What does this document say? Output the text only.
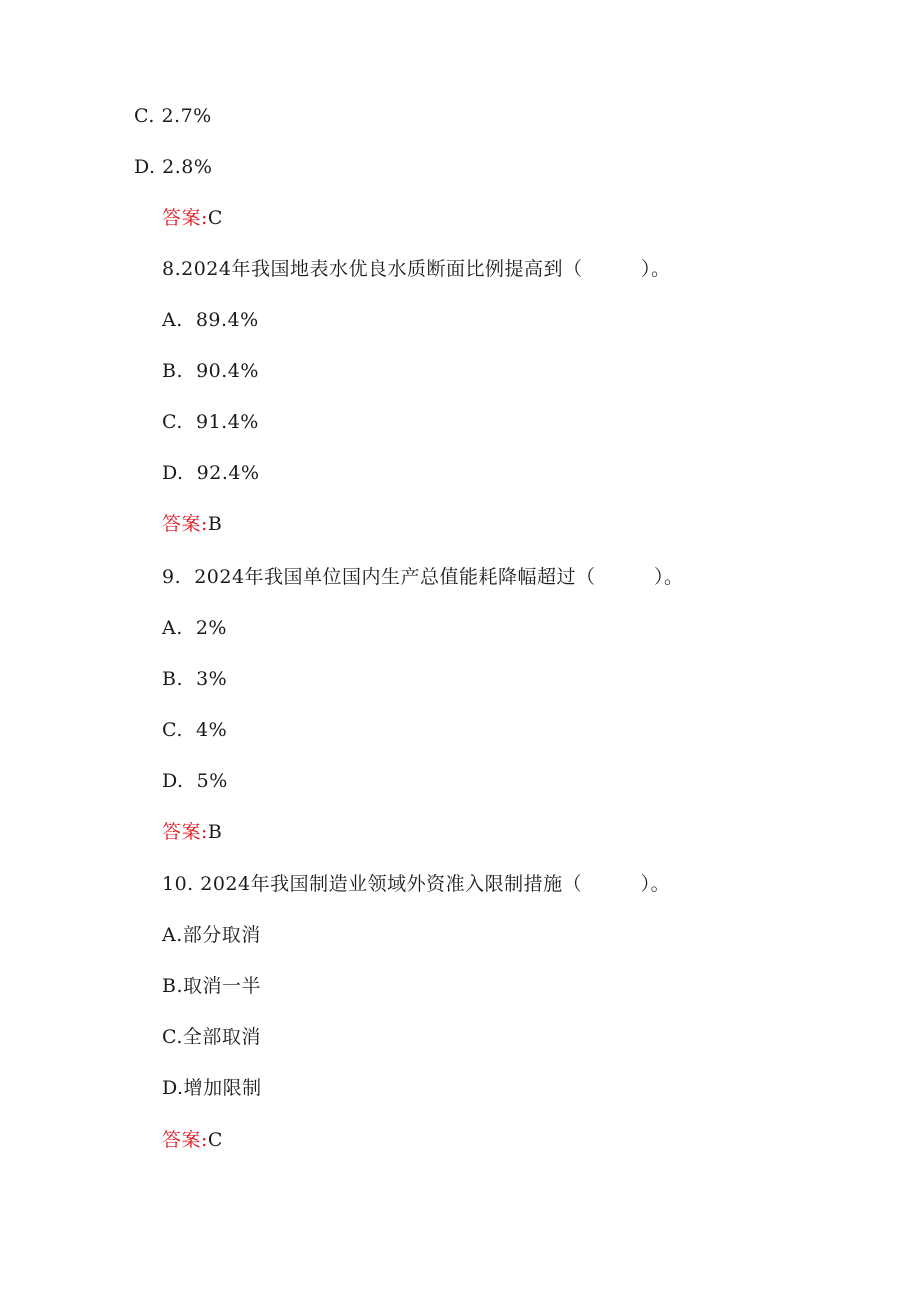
C. 2.7%
D. 2.8%
答案:C
8.2024年我国地表水优良水质断面比例提高到（　　　）。
A.  89.4%
B.  90.4%
C.  91.4%
D.  92.4%
答案:B
9.  2024年我国单位国内生产总值能耗降幅超过（　　　）。
A.  2%
B.  3%
C.  4%
D.  5%
答案:B
10. 2024年我国制造业领域外资准入限制措施（　　　）。
A.部分取消
B.取消一半
C.全部取消
D.增加限制
答案:C
